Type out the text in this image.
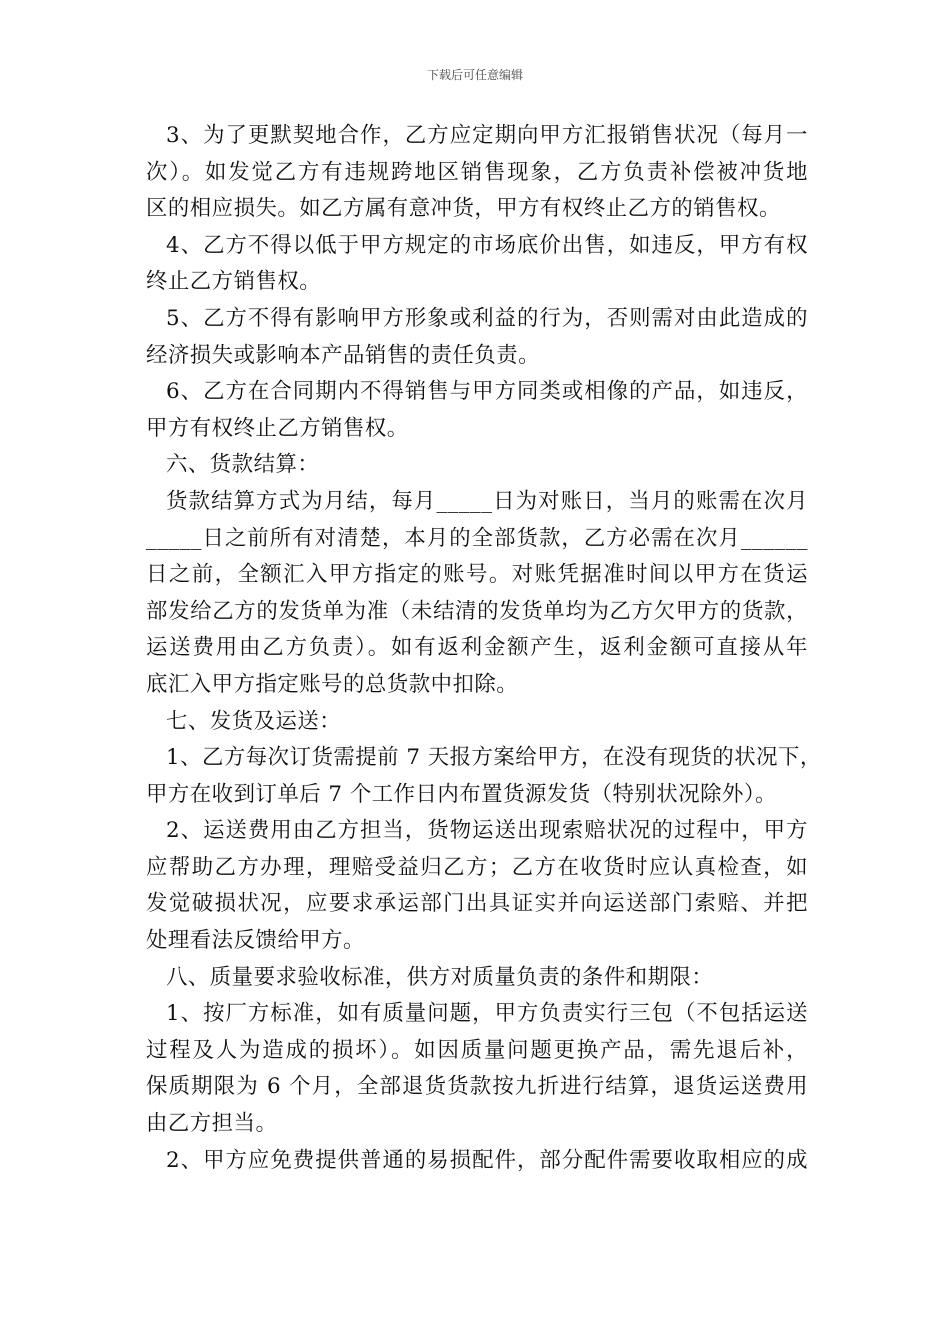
下载后可任意编辑
3、为了更默契地合作，乙方应定期向甲方汇报销售状况（每月一
次）。如发觉乙方有违规跨地区销售现象，乙方负责补偿被冲货地
区的相应损失。如乙方属有意冲货，甲方有权终止乙方的销售权。
4、乙方不得以低于甲方规定的市场底价出售，如违反，甲方有权
终止乙方销售权。
5、乙方不得有影响甲方形象或利益的行为，否则需对由此造成的
经济损失或影响本产品销售的责任负责。
6、乙方在合同期内不得销售与甲方同类或相像的产品，如违反，
甲方有权终止乙方销售权。
六、货款结算：
货款结算方式为月结，每月_____日为对账日，当月的账需在次月
_____日之前所有对清楚，本月的全部货款，乙方必需在次月______
日之前，全额汇入甲方指定的账号。对账凭据准时间以甲方在货运
部发给乙方的发货单为准（未结清的发货单均为乙方欠甲方的货款，
运送费用由乙方负责）。如有返利金额产生，返利金额可直接从年
底汇入甲方指定账号的总货款中扣除。
七、发货及运送：
1、乙方每次订货需提前 7 天报方案给甲方，在没有现货的状况下，
甲方在收到订单后 7 个工作日内布置货源发货（特别状况除外）。
2、运送费用由乙方担当，货物运送出现索赔状况的过程中，甲方
应帮助乙方办理，理赔受益归乙方；乙方在收货时应认真检查，如
发觉破损状况，应要求承运部门出具证实并向运送部门索赔、并把
处理看法反馈给甲方。
八、质量要求验收标准，供方对质量负责的条件和期限：
1、按厂方标准，如有质量问题，甲方负责实行三包（不包括运送
过程及人为造成的损坏）。如因质量问题更换产品，需先退后补，
保质期限为 6 个月，全部退货货款按九折进行结算，退货运送费用
由乙方担当。
2、甲方应免费提供普通的易损配件，部分配件需要收取相应的成
